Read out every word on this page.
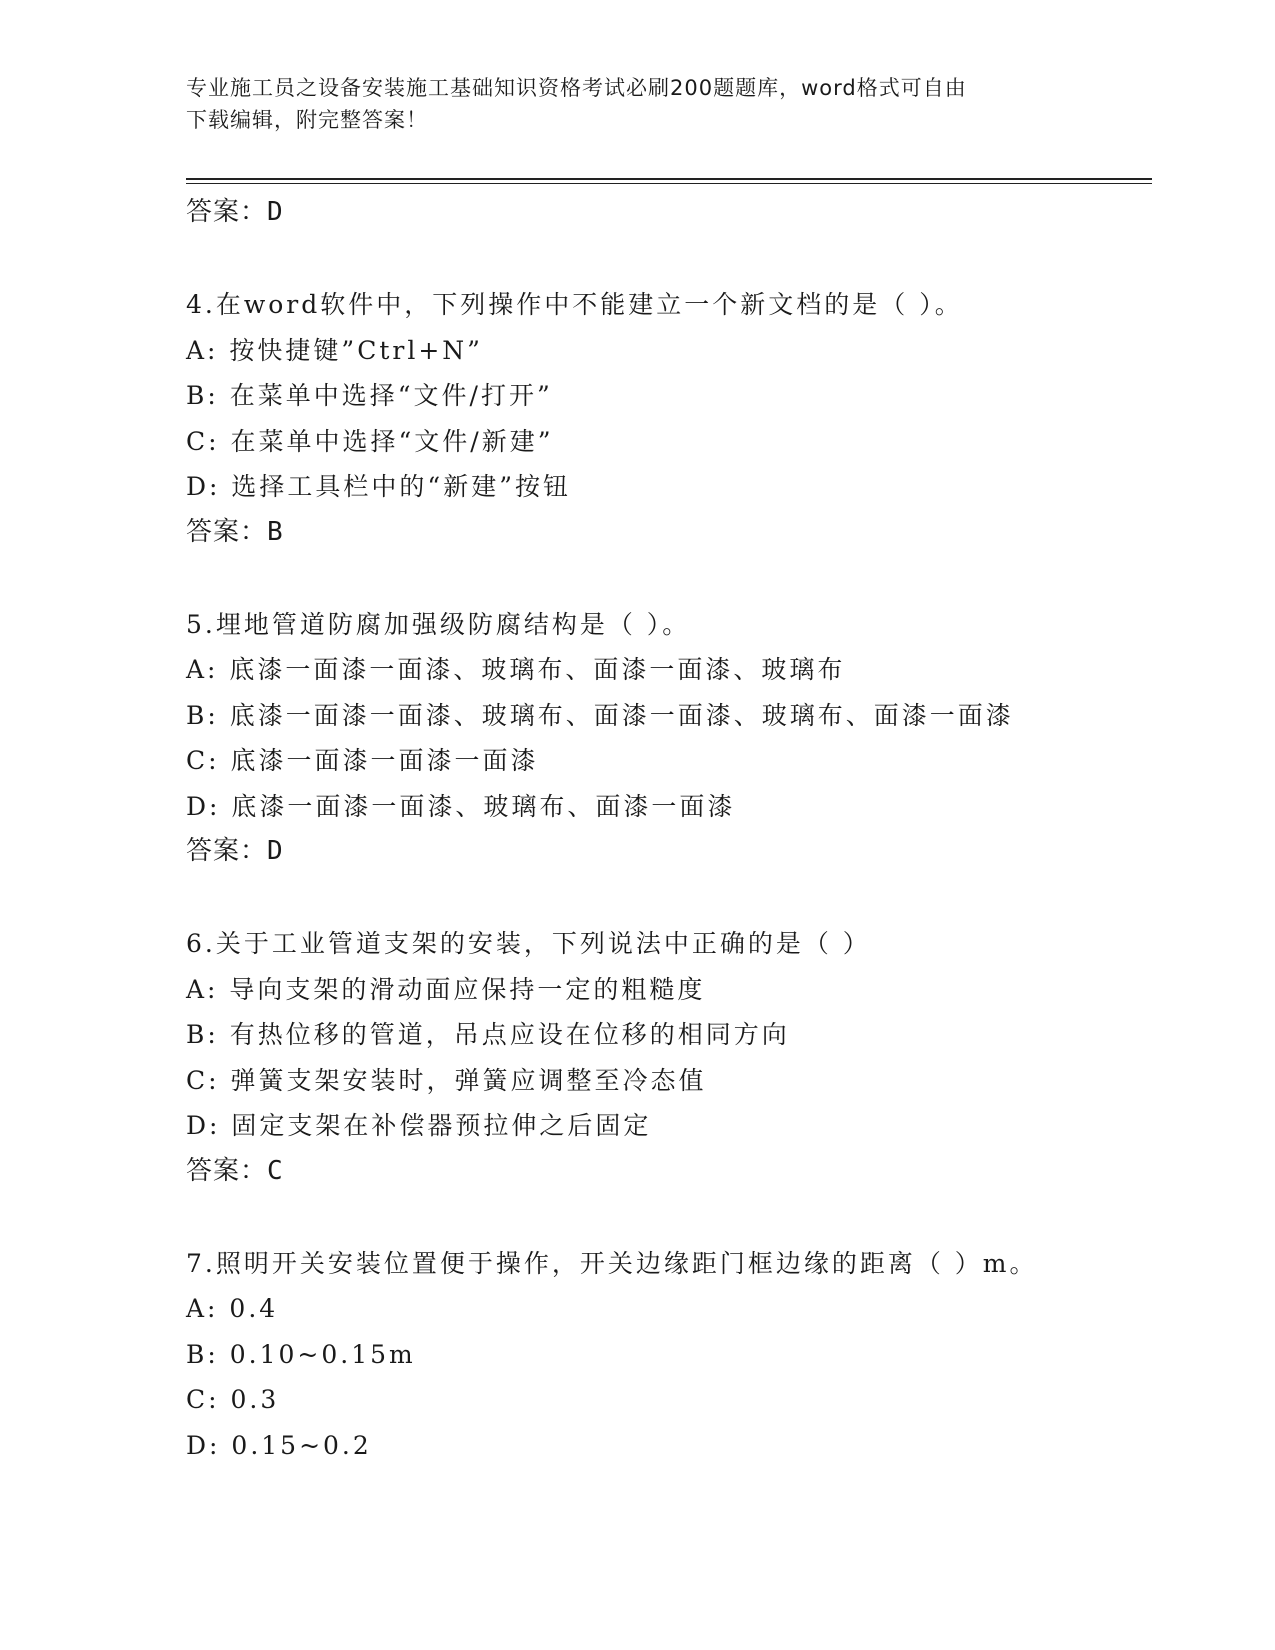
专业施工员之设备安装施工基础知识资格考试必刷200题题库，word格式可自由
下载编辑，附完整答案！
答案：D
4.在word软件中，下列操作中不能建立一个新文档的是（ ）。
A: 按快捷键”Ctrl+N”
B: 在菜单中选择“文件/打开”
C: 在菜单中选择“文件/新建”
D: 选择工具栏中的“新建”按钮
答案：B
5.埋地管道防腐加强级防腐结构是（ ）。
A: 底漆一面漆一面漆、玻璃布、面漆一面漆、玻璃布
B: 底漆一面漆一面漆、玻璃布、面漆一面漆、玻璃布、面漆一面漆
C: 底漆一面漆一面漆一面漆
D: 底漆一面漆一面漆、玻璃布、面漆一面漆
答案：D
6.关于工业管道支架的安装，下列说法中正确的是（ ）
A: 导向支架的滑动面应保持一定的粗糙度
B: 有热位移的管道，吊点应设在位移的相同方向
C: 弹簧支架安装时，弹簧应调整至冷态值
D: 固定支架在补偿器预拉伸之后固定
答案：C
7.照明开关安装位置便于操作，开关边缘距门框边缘的距离（ ）m。
A: 0.4
B: 0.10~0.15m
C: 0.3
D: 0.15~0.2
